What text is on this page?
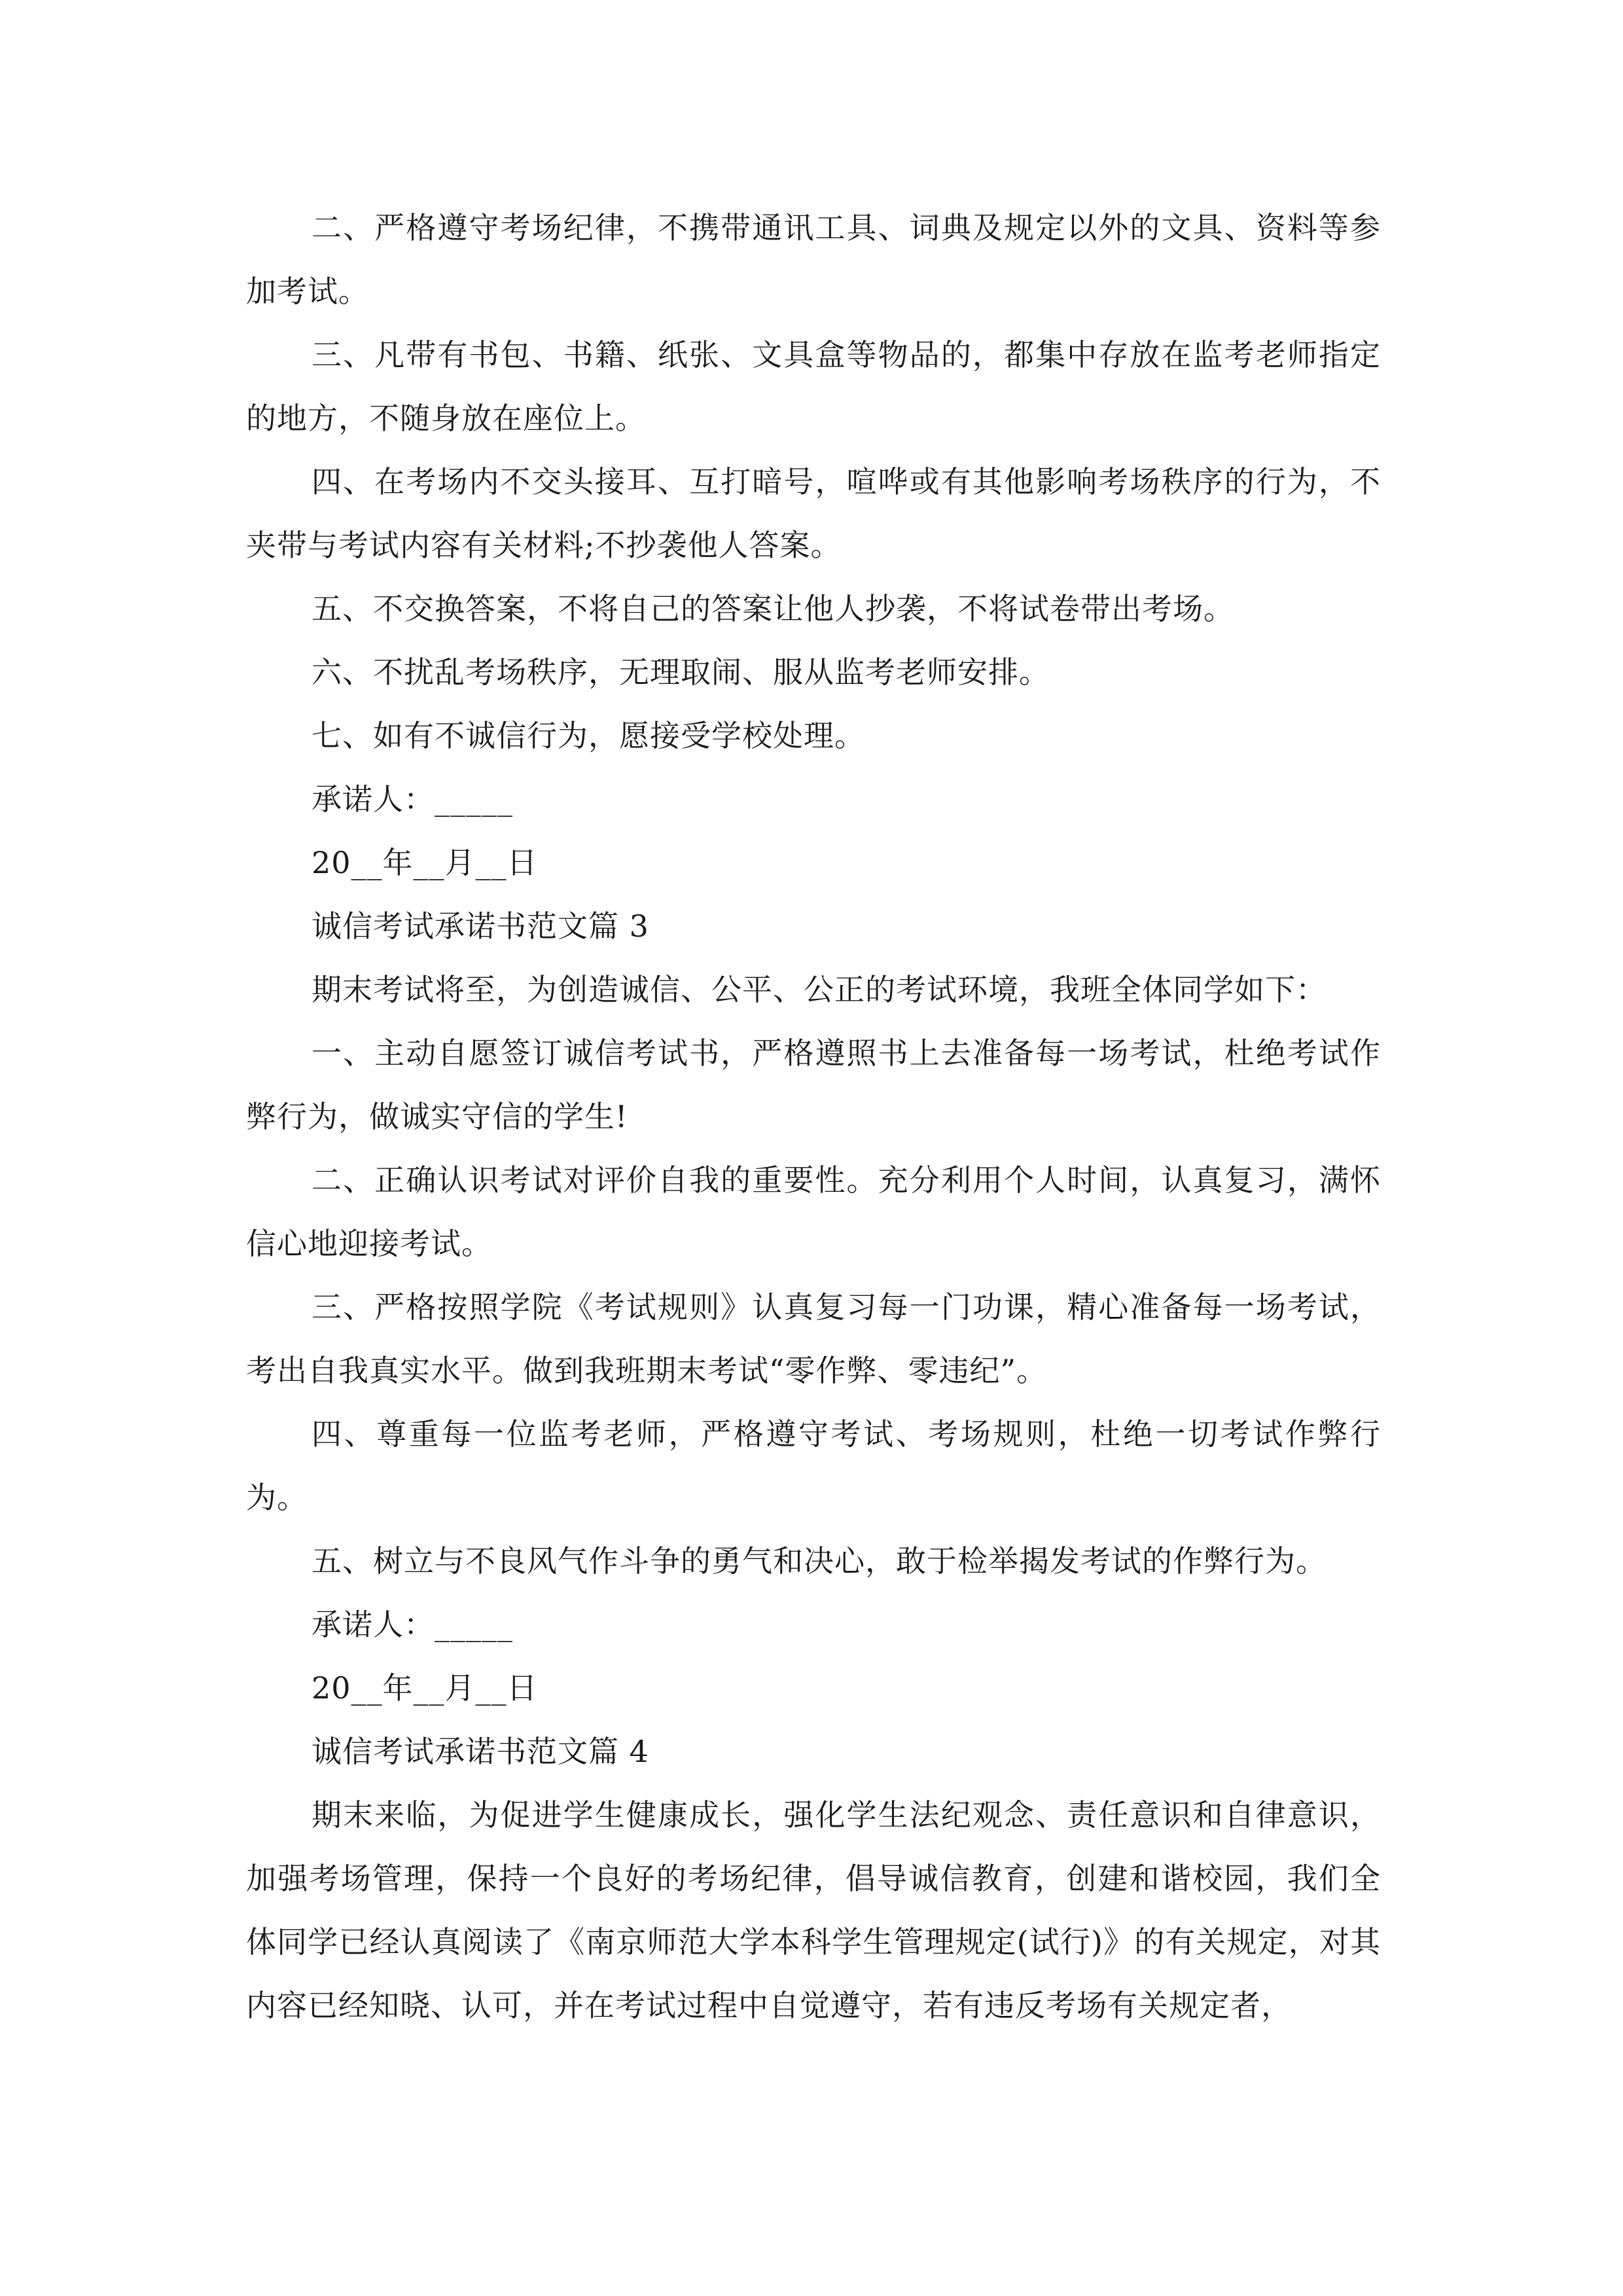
二、严格遵守考场纪律，不携带通讯工具、词典及规定以外的文具、资料等参加考试。

三、凡带有书包、书籍、纸张、文具盒等物品的，都集中存放在监考老师指定的地方，不随身放在座位上。

四、在考场内不交头接耳、互打暗号，喧哗或有其他影响考场秩序的行为，不夹带与考试内容有关材料;不抄袭他人答案。

五、不交换答案，不将自己的答案让他人抄袭，不将试卷带出考场。

六、不扰乱考场秩序，无理取闹、服从监考老师安排。

七、如有不诚信行为，愿接受学校处理。

承诺人：_____

20__年__月__日

诚信考试承诺书范文篇 3

期末考试将至，为创造诚信、公平、公正的考试环境，我班全体同学如下：

一、主动自愿签订诚信考试书，严格遵照书上去准备每一场考试，杜绝考试作弊行为，做诚实守信的学生!

二、正确认识考试对评价自我的重要性。充分利用个人时间，认真复习，满怀信心地迎接考试。

三、严格按照学院《考试规则》认真复习每一门功课，精心准备每一场考试，考出自我真实水平。做到我班期末考试“零作弊、零违纪”。

四、尊重每一位监考老师，严格遵守考试、考场规则，杜绝一切考试作弊行为。

五、树立与不良风气作斗争的勇气和决心，敢于检举揭发考试的作弊行为。

承诺人：_____

20__年__月__日

诚信考试承诺书范文篇 4

期末来临，为促进学生健康成长，强化学生法纪观念、责任意识和自律意识，加强考场管理，保持一个良好的考场纪律，倡导诚信教育，创建和谐校园，我们全体同学已经认真阅读了《南京师范大学本科学生管理规定(试行)》的有关规定，对其内容已经知晓、认可，并在考试过程中自觉遵守，若有违反考场有关规定者，
